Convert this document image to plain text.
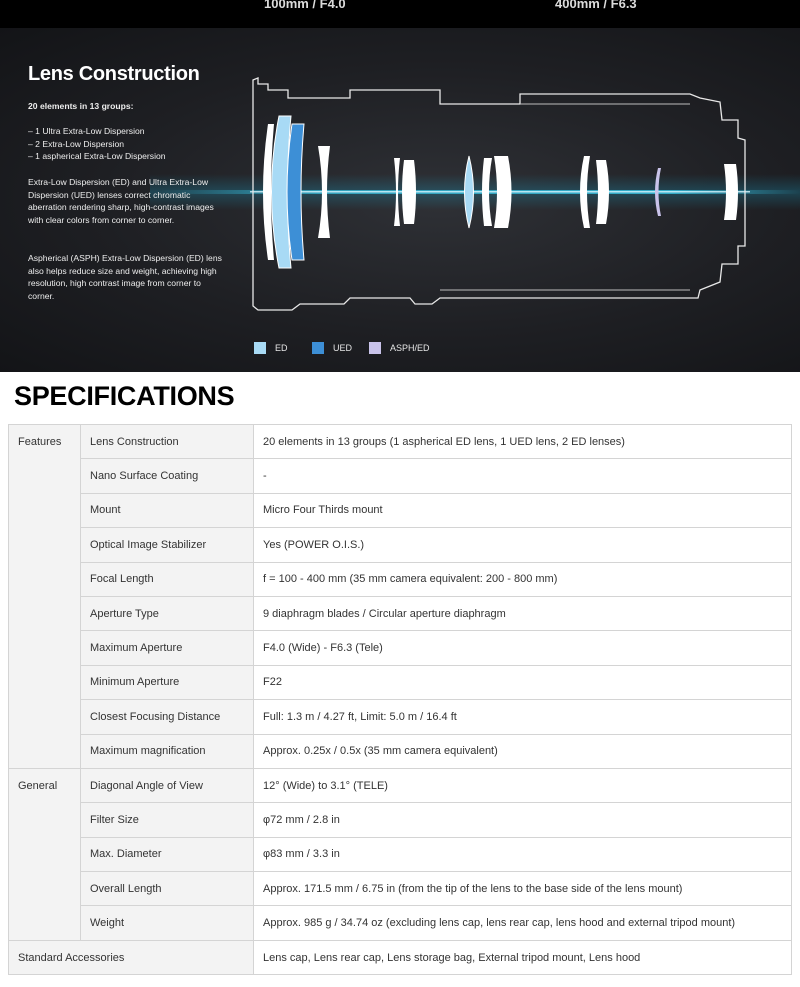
100mm / F4.0	400mm / F6.3
Lens Construction

20 elements in 13 groups:

– 1 Ultra Extra-Low Dispersion
– 2 Extra-Low Dispersion
– 1 aspherical Extra-Low Dispersion

Extra-Low Dispersion (ED) and Ultra Extra-Low Dispersion (UED) lenses correct chromatic aberration rendering sharp, high-contrast images with clear colors from corner to corner.

Aspherical (ASPH) Extra-Low Dispersion (ED) lens also helps reduce size and weight, achieving high resolution, high contrast image from corner to corner.

ED	UED	ASPH/ED
SPECIFICATIONS
Features	Lens Construction	20 elements in 13 groups (1 aspherical ED lens, 1 UED lens, 2 ED lenses)
	Nano Surface Coating	-
	Mount	Micro Four Thirds mount
	Optical Image Stabilizer	Yes (POWER O.I.S.)
	Focal Length	f = 100 - 400 mm (35 mm camera equivalent: 200 - 800 mm)
	Aperture Type	9 diaphragm blades / Circular aperture diaphragm
	Maximum Aperture	F4.0 (Wide) - F6.3 (Tele)
	Minimum Aperture	F22
	Closest Focusing Distance	Full: 1.3 m / 4.27 ft, Limit: 5.0 m / 16.4 ft
	Maximum magnification	Approx. 0.25x / 0.5x (35 mm camera equivalent)
General	Diagonal Angle of View	12° (Wide) to 3.1° (TELE)
	Filter Size	φ72 mm / 2.8 in
	Max. Diameter	φ83 mm / 3.3 in
	Overall Length	Approx. 171.5 mm / 6.75 in (from the tip of the lens to the base side of the lens mount)
	Weight	Approx. 985 g / 34.74 oz (excluding lens cap, lens rear cap, lens hood and external tripod mount)
Standard Accessories		Lens cap, Lens rear cap, Lens storage bag, External tripod mount, Lens hood
